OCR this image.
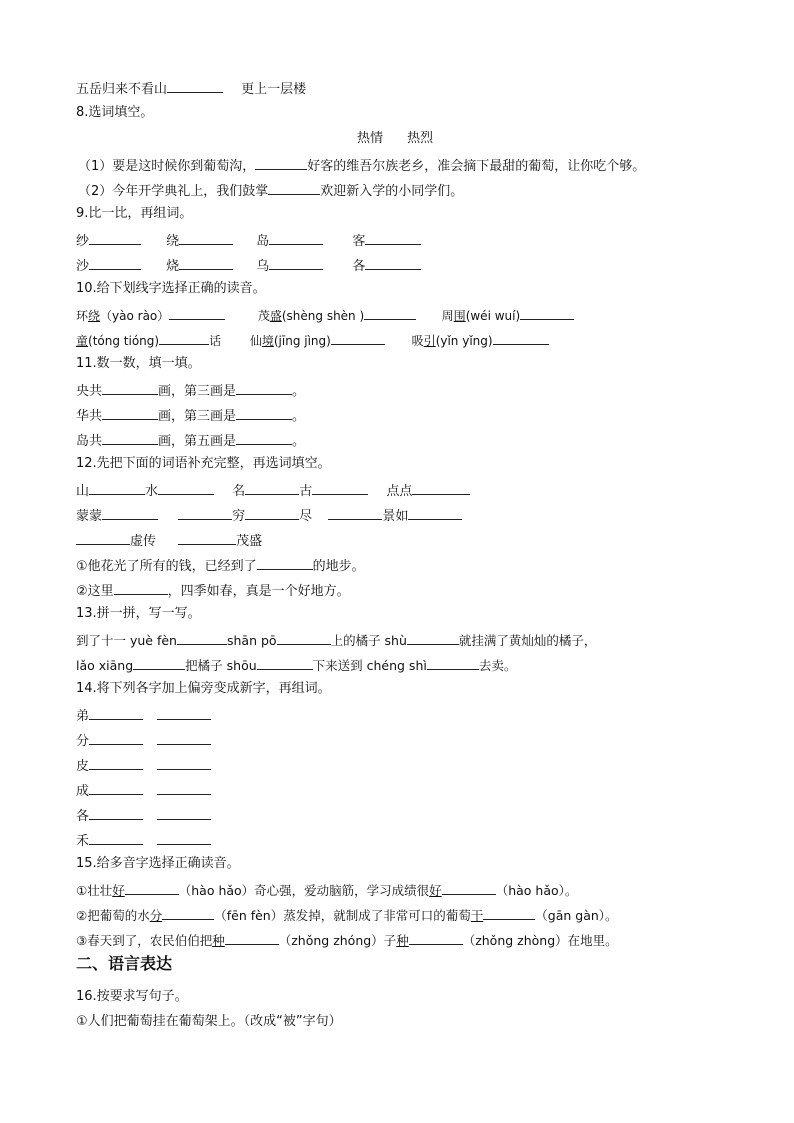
五岳归来不看山	更上一层楼
8.选词填空。
热情 热烈
（1）要是这时候你到葡萄沟，	好客的维吾尔族老乡，准会摘下最甜的葡萄，让你吃个够。
（2）今年开学典礼上，我们鼓掌	欢迎新入学的小同学们。
9.比一比，再组词。
纱	绕	岛	客
沙	烧	乌	各
10.给下划线字选择正确的读音。
环绕（yào rào）	茂盛(shèng shèn )	周围(wéi wuí)
童(tóng tióng)	话 仙境(jīng jìng)	吸引(yǐn yǐng)
11.数一数，填一填。
央共	画，第三画是	。
华共	画，第三画是	。
岛共	画，第五画是	。
12.先把下面的词语补充完整，再选词填空。
山	水	名	古	点点
蒙蒙	穷	尽	景如
虚传	茂盛
①他花光了所有的钱，已经到了	的地步。
②这里	，四季如春，真是一个好地方。
13.拼一拼，写一写。
到了十一 yuè fèn	shān pō	上的橘子 shù	就挂满了黄灿灿的橘子，
lǎo xiāng	把橘子 shōu	下来送到 chéng shì	去卖。
14.将下列各字加上偏旁变成新字，再组词。
弟
分
皮
成
各
禾
15.给多音字选择正确读音。
①壮壮好	（hào hǎo）奇心强，爱动脑筋，学习成绩很好	（hào hǎo）。
②把葡萄的水分	（fēn fèn）蒸发掉，就制成了非常可口的葡萄干	（gān gàn）。
③春天到了，农民伯伯把种	（zhǒng zhóng）子种	（zhǒng zhòng）在地里。
二、语言表达
16.按要求写句子。
①人们把葡萄挂在葡萄架上。（改成“被”字句）
